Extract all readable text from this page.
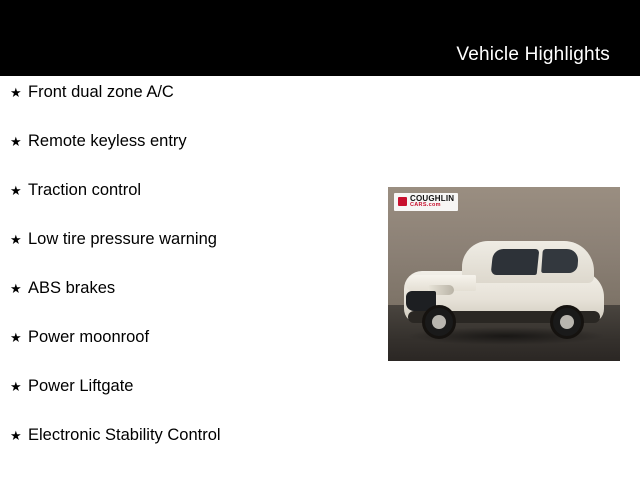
Vehicle Highlights
★ Front dual zone A/C
★ Remote keyless entry
★ Traction control
★ Low tire pressure warning
★ ABS brakes
★ Power moonroof
★ Power Liftgate
★ Electronic Stability Control
COUGHLIN
CARS.com
